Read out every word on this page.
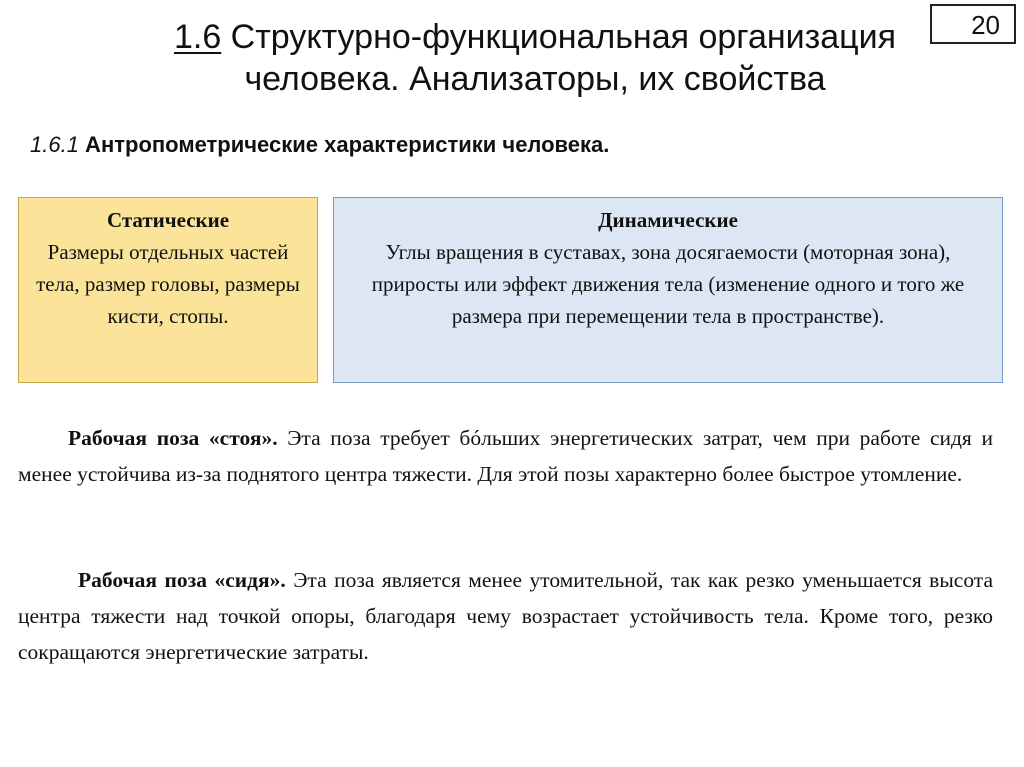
20
1.6 Структурно-функциональная организация человека. Анализаторы, их свойства
1.6.1 Антропометрические характеристики человека.
Статические
Размеры отдельных частей тела, размер головы, размеры кисти, стопы.
Динамические
Углы вращения в суставах, зона досягаемости (моторная зона), приросты или эффект движения тела (изменение одного и того же размера при перемещении тела в пространстве).
Рабочая поза «стоя». Эта поза требует бóльших энергетических затрат, чем при работе сидя и менее устойчива из-за поднятого центра тяжести. Для этой позы характерно более быстрое утомление.
Рабочая поза «сидя». Эта поза является менее утомительной, так как резко уменьшается высота центра тяжести над точкой опоры, благодаря чему возрастает устойчивость тела. Кроме того, резко сокращаются энергетические затраты.
